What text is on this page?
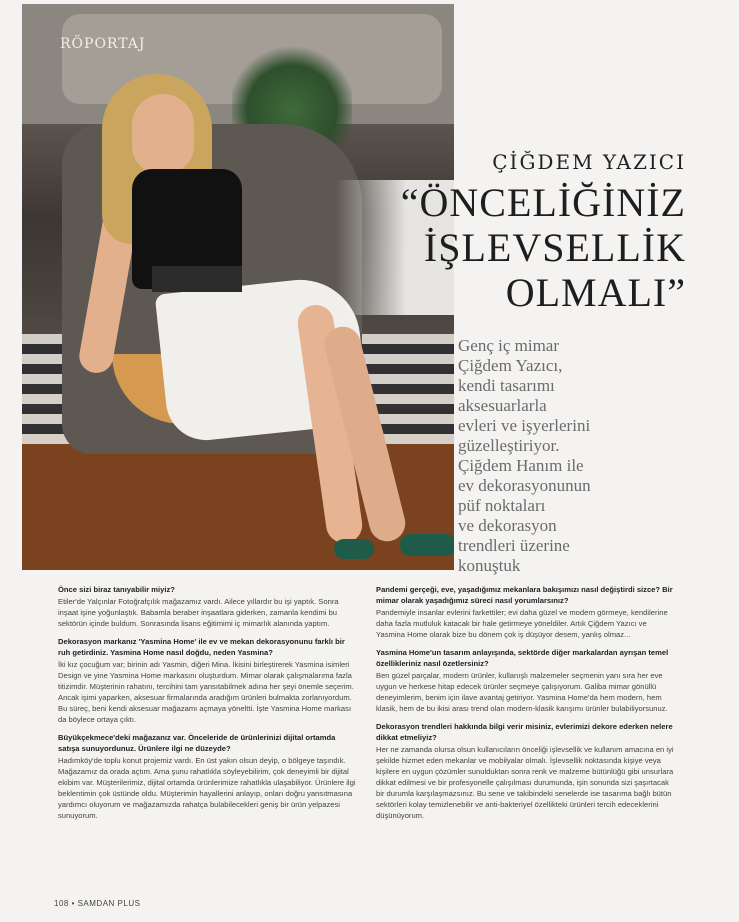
RÖPORTAJ
ÇİĞDEM YAZICI
“ÖNCELİĞİNİZ
İŞLEVSELLİK
OLMALI”
Genç iç mimar
Çiğdem Yazıcı,
kendi tasarımı
aksesuarlarla
evleri ve işyerlerini
güzelleştiriyor.
Çiğdem Hanım ile
ev dekorasyonunun
püf noktaları
ve dekorasyon
trendleri üzerine
konuştuk
Önce sizi biraz tanıyabilir miyiz?
Etiler'de Yalçınlar Fotoğrafçılık mağazamız vardı. Ailece yıllardır bu işi yaptık. Sonra inşaat işine yoğunlaştık. Babamla beraber inşaatlara giderken, zamanla kendimi bu sektörün içinde buldum. Sonrasında lisans eğitimimi iç mimarlık alanında yaptım.
Dekorasyon markanız 'Yasmina Home' ile ev ve mekan dekorasyonunu farklı bir ruh getirdiniz. Yasmina Home nasıl doğdu, neden Yasmina?
İki kız çocuğum var; birinin adı Yasmin, diğeri Mina. İkisini birleştirerek Yasmina isimleri Design ve yine Yasmina Home markasını oluşturdum. Mimar olarak çalışmalarıma fazla titizimdir. Müşterinin rahatını, tercihini tam yansıtabilmek adına her şeyi önemle seçerim. Ancak işimi yaparken, aksesuar firmalarında aradığım ürünleri bulmakta zorlanıyordum. Bu süreç, beni kendi aksesuar mağazamı açmaya yöneltti. İşte Yasmina Home markası da böylece ortaya çıktı.
Büyükçekmece'deki mağazanız var. Önceleride de ürünlerinizi dijital ortamda satışa sunuyordunuz. Ürünlere ilgi ne düzeyde?
Hadımköy'de toplu konut projemiz vardı. En üst yakın olsun deyip, o bölgeye taşındık. Mağazamız da orada açtım. Ama şunu rahatlıkla söyleyebilirim, çok deneyimli bir dijital ekibim var. Müşterilerimiz, dijital ortamda ürünlerimize rahatlıkla ulaşabiliyor. Ürünlere ilgi beklentimin çok üstünde oldu. Müşterimin hayallerini anlayıp, onları doğru yansıtmasına yardımcı oluyorum ve mağazamızda rahatça bulabilecekleri geniş bir ürün yelpazesi sunuyorum.
Pandemi gerçeği, eve, yaşadığımız mekanlara bakışımızı nasıl değiştirdi sizce? Bir mimar olarak yaşadığımız süreci nasıl yorumlarsınız?
Pandemiyle insanlar evlerini farkettiler; evi daha güzel ve modern görmeye, kendilerine daha fazla mutluluk katacak bir hale getirmeye yöneldiler. Artık Çiğdem Yazıcı ve Yasmina Home olarak bize bu dönem çok iş düşüyor desem, yanlış olmaz...
Yasmina Home'un tasarım anlayışında, sektörde diğer markalardan ayrışan temel özellikleriniz nasıl özetlersiniz?
Ben güzel parçalar, modern ürünler, kullanışlı malzemeler seçmenin yanı sıra her eve uygun ve herkese hitap edecek ürünler seçmeye çalışıyorum. Galiba mimar gönüllü deneyimlerim, benim için ilave avantaj getiriyor. Yasmina Home'da hem modern, hem klasik, hem de bu ikisi arası trend olan modern-klasik karışımı ürünler bulabiliyorsunuz.
Dekorasyon trendleri hakkında bilgi verir misiniz, evlerimizi dekore ederken nelere dikkat etmeliyiz?
Her ne zamanda olursa olsun kullanıcıların önceliği işlevsellik ve kullanım amacına en iyi şekilde hizmet eden mekanlar ve mobilyalar olmalı. İşlevsellik noktasında kişiye veya kişilere en uygun çözümler sunulduktan sonra renk ve malzeme bütünlüğü gibi unsurlara dikkat edilmesi ve bir profesyonelle çalışılması durumunda, işin sonunda sizi şaşırtacak bir durumla karşılaşmazsınız. Bu sene ve takibindeki senelerde ise tasarıma bağlı bütün sektörleri kolay temizlenebilir ve anti-bakteriyel özellikteki ürünleri tercih edeceklerini düşünüyorum.
108 • SAMDAN PLUS
